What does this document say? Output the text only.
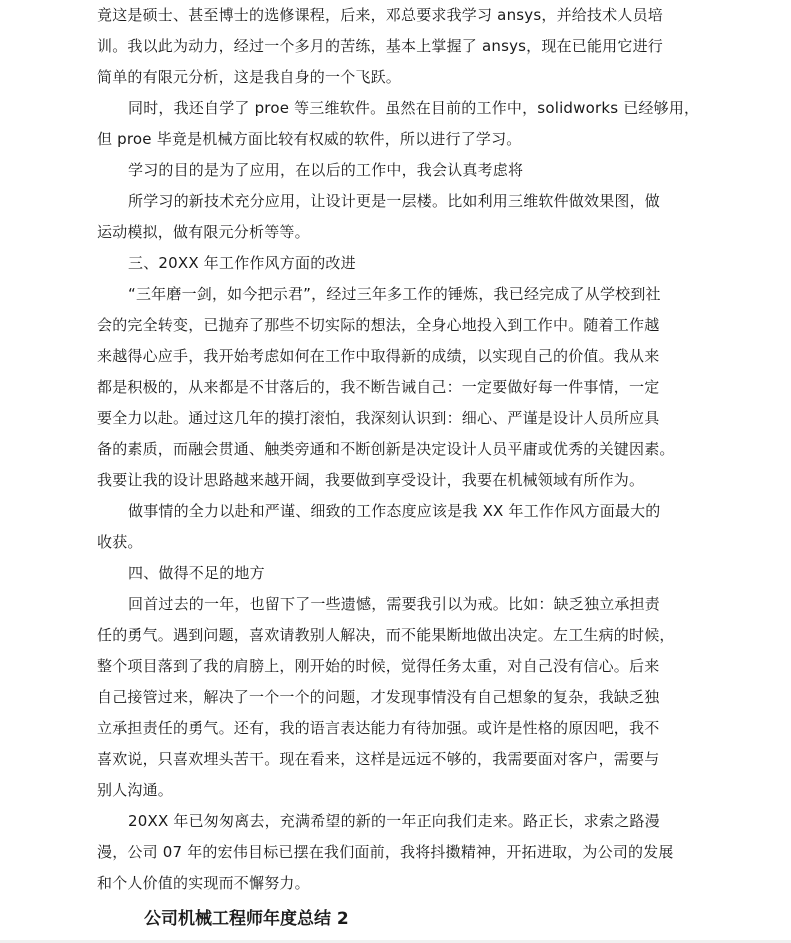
竟这是硕士、甚至博士的选修课程，后来，邓总要求我学习 ansys，并给技术人员培
训。我以此为动力，经过一个多月的苦练，基本上掌握了 ansys，现在已能用它进行
简单的有限元分析，这是我自身的一个飞跃。
同时，我还自学了 proe 等三维软件。虽然在目前的工作中，solidworks 已经够用，
但 proe 毕竟是机械方面比较有权威的软件，所以进行了学习。
学习的目的是为了应用，在以后的工作中，我会认真考虑将
所学习的新技术充分应用，让设计更是一层楼。比如利用三维软件做效果图，做
运动模拟，做有限元分析等等。
三、20XX 年工作作风方面的改进
“三年磨一剑，如今把示君”，经过三年多工作的锤炼，我已经完成了从学校到社
会的完全转变，已抛弃了那些不切实际的想法，全身心地投入到工作中。随着工作越
来越得心应手，我开始考虑如何在工作中取得新的成绩，以实现自己的价值。我从来
都是积极的，从来都是不甘落后的，我不断告诫自己：一定要做好每一件事情，一定
要全力以赴。通过这几年的摸打滚怕，我深刻认识到：细心、严谨是设计人员所应具
备的素质，而融会贯通、触类旁通和不断创新是决定设计人员平庸或优秀的关键因素。
我要让我的设计思路越来越开阔，我要做到享受设计，我要在机械领域有所作为。
做事情的全力以赴和严谨、细致的工作态度应该是我 XX 年工作作风方面最大的
收获。
四、做得不足的地方
回首过去的一年，也留下了一些遗憾，需要我引以为戒。比如：缺乏独立承担责
任的勇气。遇到问题，喜欢请教别人解决，而不能果断地做出决定。左工生病的时候，
整个项目落到了我的肩膀上，刚开始的时候，觉得任务太重，对自己没有信心。后来
自己接管过来，解决了一个一个的问题，才发现事情没有自己想象的复杂，我缺乏独
立承担责任的勇气。还有，我的语言表达能力有待加强。或许是性格的原因吧，我不
喜欢说，只喜欢埋头苦干。现在看来，这样是远远不够的，我需要面对客户，需要与
别人沟通。
20XX 年已匆匆离去，充满希望的新的一年正向我们走来。路正长，求索之路漫
漫，公司 07 年的宏伟目标已摆在我们面前，我将抖擞精神，开拓进取，为公司的发展
和个人价值的实现而不懈努力。
公司机械工程师年度总结 2
